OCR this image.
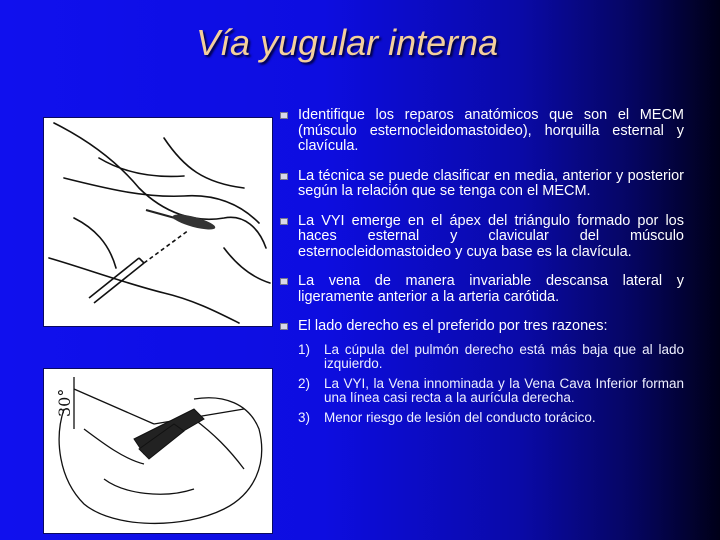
Vía yugular interna
30°
Identifique los reparos anatómicos que son el MECM (músculo esternocleidomastoideo), horquilla esternal y clavícula.
La técnica se puede clasificar en media, anterior y posterior según la relación que se tenga con el MECM.
La VYI emerge en el ápex del triángulo formado por los haces esternal y clavicular del músculo esternocleidomastoideo y cuya base es la clavícula.
La vena de manera invariable descansa lateral y ligeramente anterior a la arteria carótida.
El lado derecho es el preferido por tres razones:
1) La cúpula del pulmón derecho está más baja que al lado izquierdo.
2) La VYI, la Vena innominada y la Vena Cava Inferior forman una línea casi recta a la aurícula derecha.
3) Menor riesgo de lesión del conducto torácico.
